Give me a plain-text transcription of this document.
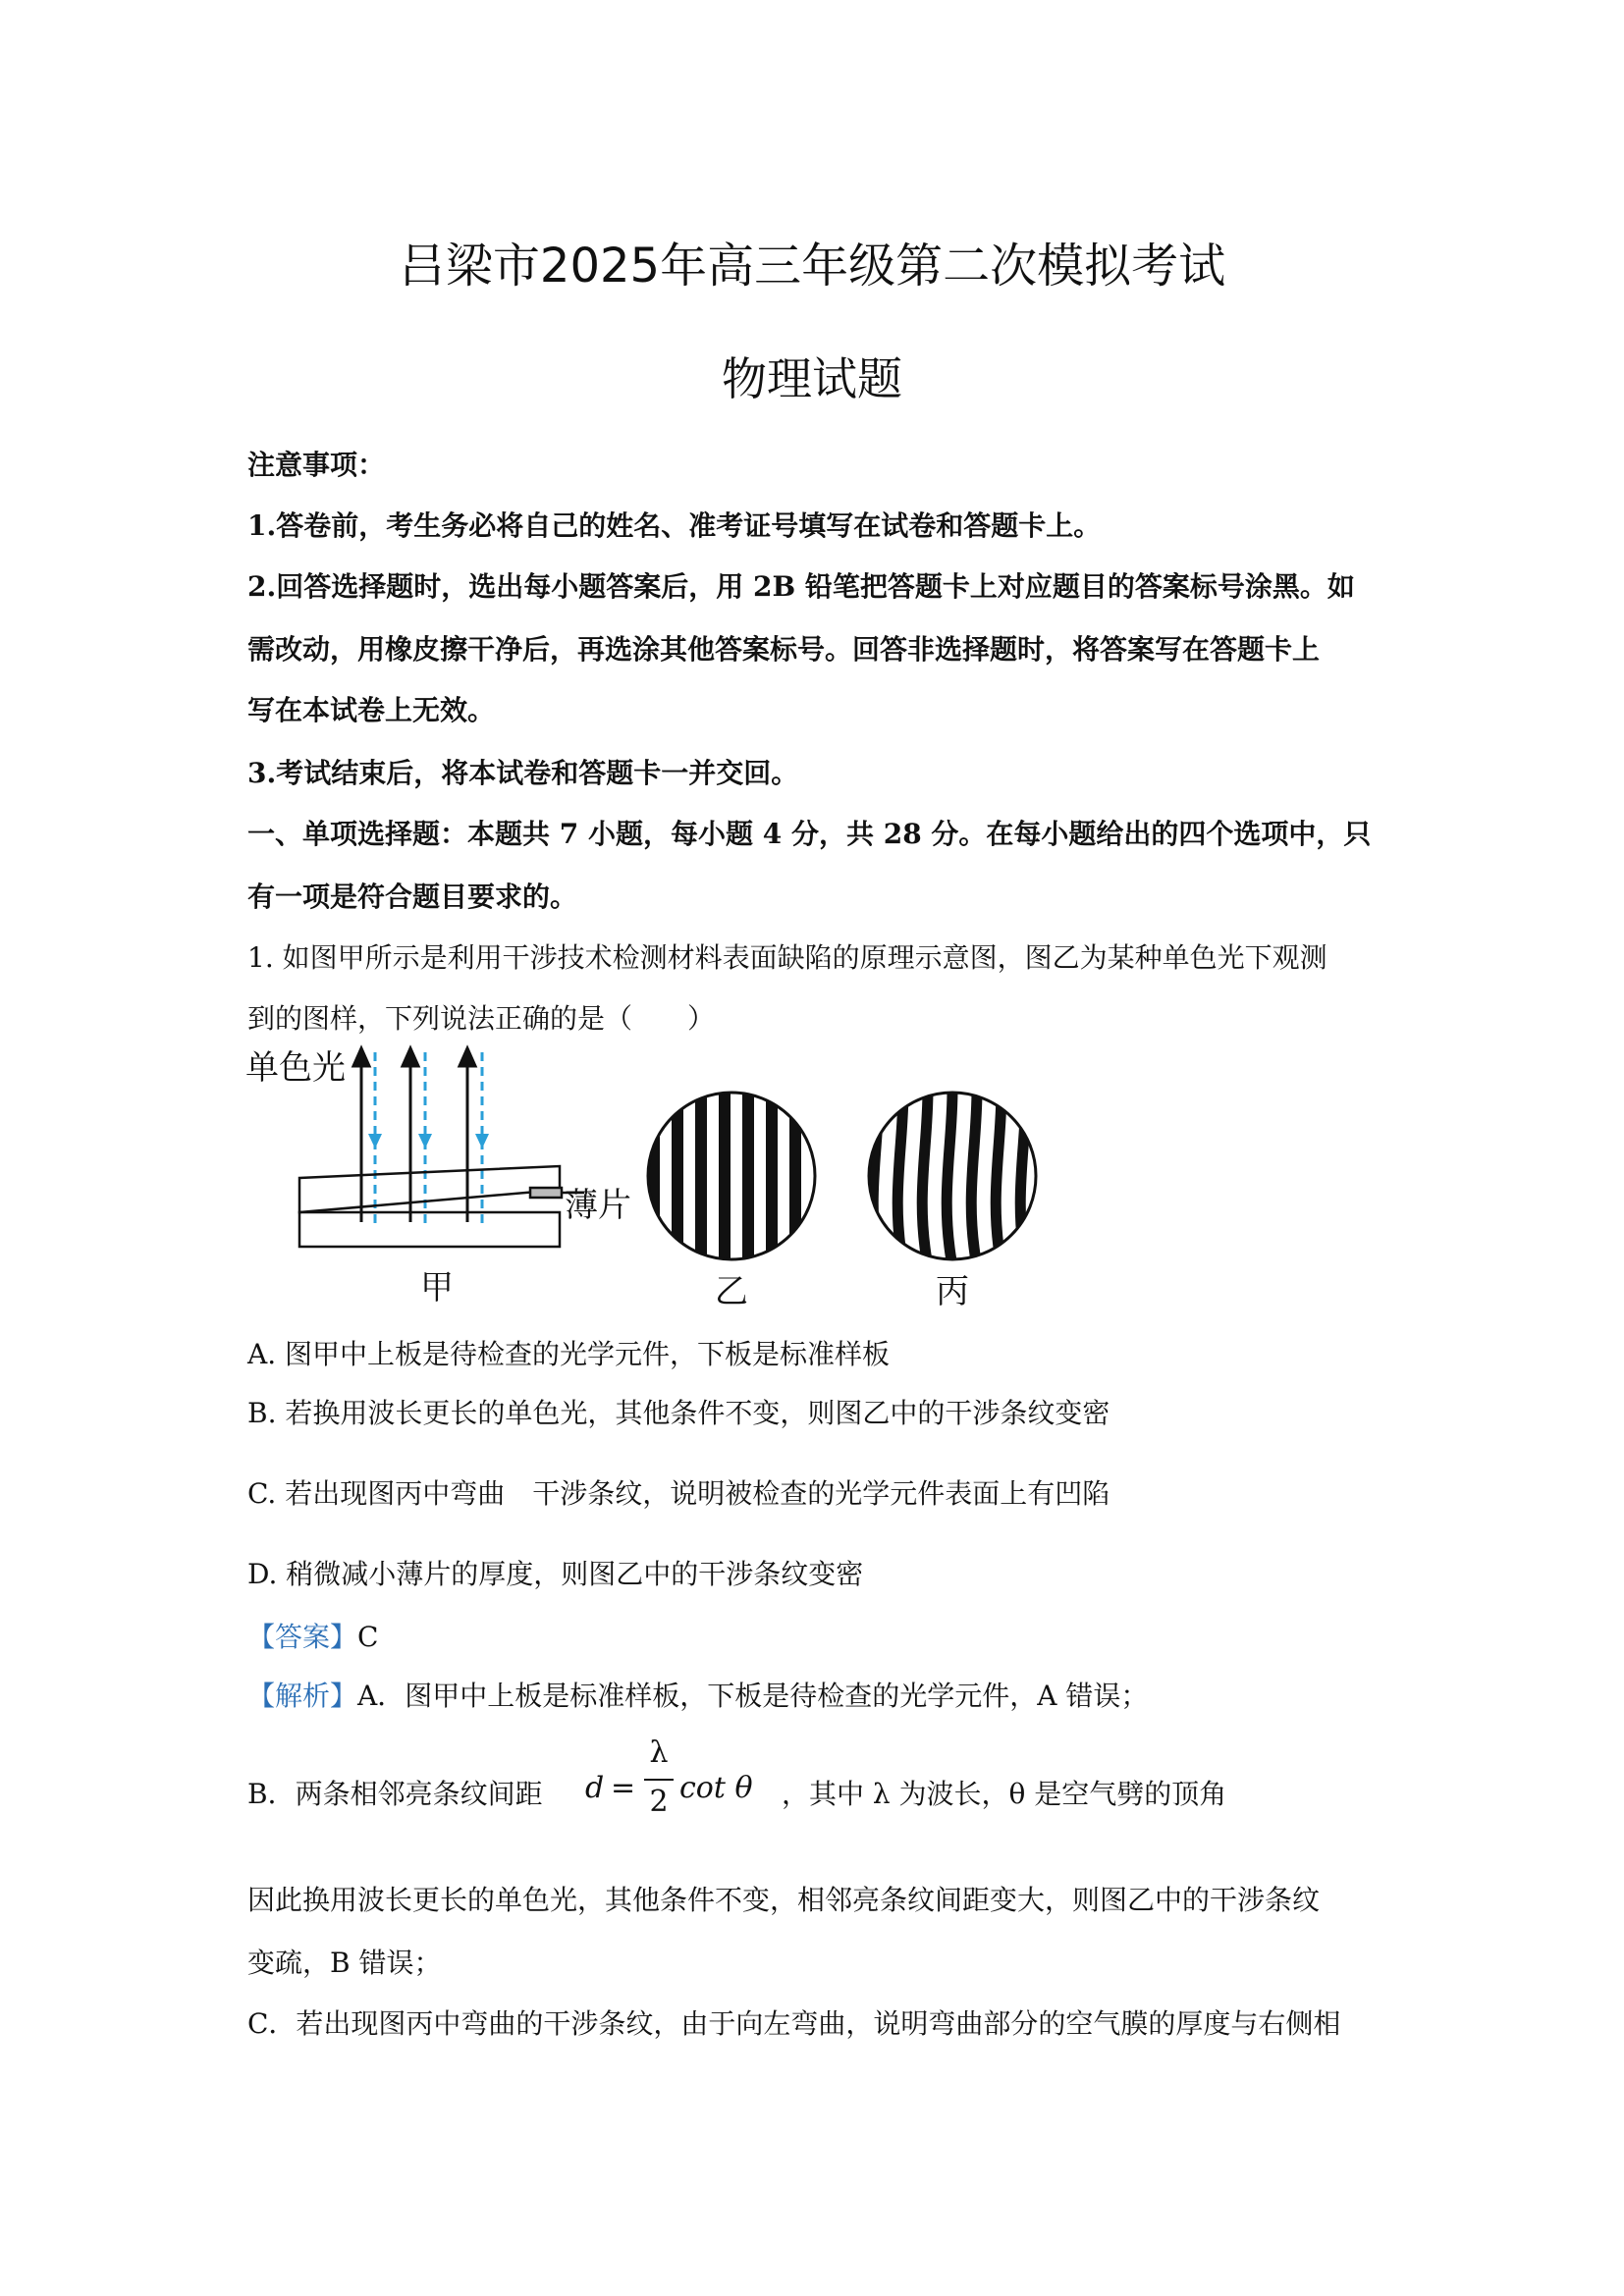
吕梁市2025年高三年级第二次模拟考试
物理试题
注意事项：
1.答卷前，考生务必将自己的姓名、准考证号填写在试卷和答题卡上。
2.回答选择题时，选出每小题答案后，用 2B 铅笔把答题卡上对应题目的答案标号涂黑。如
需改动，用橡皮擦干净后，再选涂其他答案标号。回答非选择题时，将答案写在答题卡上
写在本试卷上无效。
3.考试结束后，将本试卷和答题卡一并交回。
一、单项选择题：本题共 7 小题，每小题 4 分，共 28 分。在每小题给出的四个选项中，只
有一项是符合题目要求的。
1. 如图甲所示是利用干涉技术检测材料表面缺陷的原理示意图，图乙为某种单色光下观测
到的图样，下列说法正确的是（　　）
单色光
薄片
甲	乙	丙
A. 图甲中上板是待检查的光学元件，下板是标准样板
B. 若换用波长更长的单色光，其他条件不变，则图乙中的干涉条纹变密
C. 若出现图丙中弯曲　干涉条纹，说明被检查的光学元件表面上有凹陷
D. 稍微减小薄片的厚度，则图乙中的干涉条纹变密
【答案】C
【解析】A．图甲中上板是标准样板，下板是待检查的光学元件，A 错误；
B．两条相邻亮条纹间距	d =
λ
2 cot θ ，其中 λ 为波长，θ 是空气劈的顶角
因此换用波长更长的单色光，其他条件不变，相邻亮条纹间距变大，则图乙中的干涉条纹
变疏，B 错误；
C．若出现图丙中弯曲的干涉条纹，由于向左弯曲，说明弯曲部分的空气膜的厚度与右侧相
